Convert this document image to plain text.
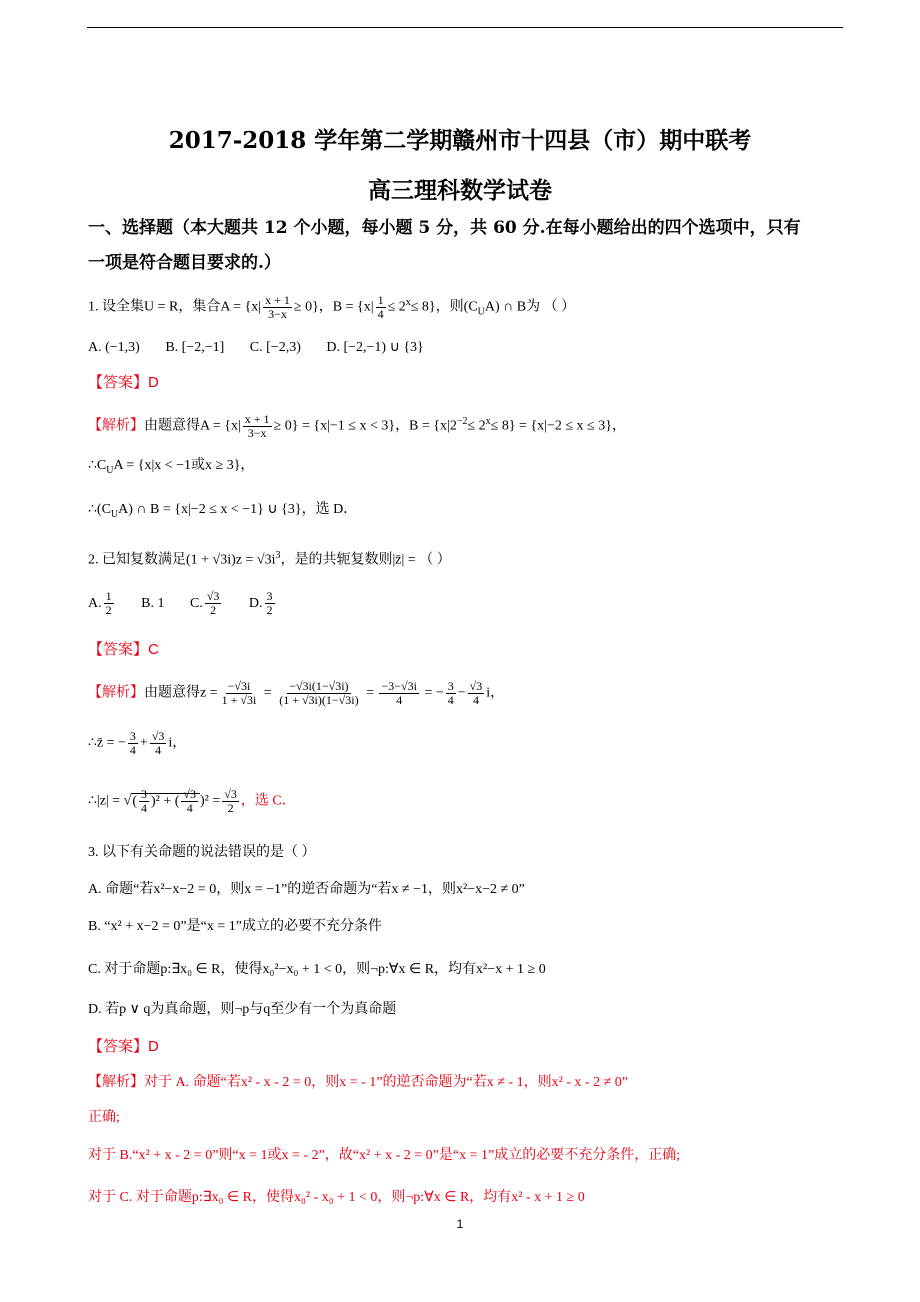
2017-2018 学年第二学期赣州市十四县（市）期中联考
高三理科数学试卷
一、选择题（本大题共 12 个小题，每小题 5 分，共 60 分.在每小题给出的四个选项中，只有
一项是符合题目要求的.）
1. 设全集U = R，集合$A = \{x| \frac{x + 1}{3-x} \ge 0\}$，$B = \{x| \frac{1}{4} \le 2^x\le 8\}$，则$(C_UA)$ ∩ B为 （ ）
A. (−1,3) B. [−2,−1] C. [−2,3) D. [−2,−1) ∪ {3}
【答案】D
【解析】由题意得$A = \{x| \frac{x + 1}{3-x} \ge 0\} = \{x|-1 \le x < 3\}$，$B = \{x|2^{-2}\le 2^x\le 8\} = \{x|-2 \le x \le 3\}$，
$\therefore C_UA = \{x|x < -1$或x ≥ 3}，
$\therefore(C_UA)$ ∩ B = {x|−2 ≤ x < −1} ∪ {3}，选 D．
2. 已知复数满足$(1 + √3i)z = √3i^3$，是的共轭复数则|z̄| = （ ）
A. $\frac{1}{2} B$. 1 C. $\frac{√3}{2} D$. $\frac{3}{2}$
【答案】C
【解析】由题意得$z = \frac{-√3i}{1 + √3i} = \frac{-√3i(1-√3i)}{(1 + √3i)(1-√3i)} = \frac{-3-√3i}{4}$ = − $\frac{3}{4} - \frac{√3}{4}$ i，
∴z̄ = − $\frac{3}{4} + \frac{√3}{4}$ i，
∴|z| = √( $\frac{3}{4} )^2$ + ( $\frac{√3}{4} )^2 = \frac{√3}{2}$ ，选 C．
3. 以下有关命题的说法错误的是（ ）
A. 命题“若x²−x−2 = 0，则x = −1”的逆否命题为“若x ≠ −1，则x²−x−2 ≠ 0”
B. “x² + x−2 = 0”是“x = 1”成立的必要不充分条件
C. 对于命题p:∃x₀ ∈ R，使得x₀²−x₀ + 1 < 0，则¬p:∀x ∈ R，均有x²−x + 1 ≥ 0
D. 若p ∨ q为真命题，则¬p与q至少有一个为真命题
【答案】D
【解析】对于 A. 命题“若x² - x - 2 = 0，则x = - 1”的逆否命题为“若x ≠ - 1，则x² - x - 2 ≠ 0”
正确;
对于 B.“x² + x - 2 = 0”则“x = 1或x = - 2”，故“x² + x - 2 = 0”是“x = 1”成立的必要不充分条件，正确;
对于 C. 对于命题p:∃x₀ ∈ R，使得x₀² - x₀ + 1 < 0，则¬p:∀x ∈ R，均有x² - x + 1 ≥ 0
1
